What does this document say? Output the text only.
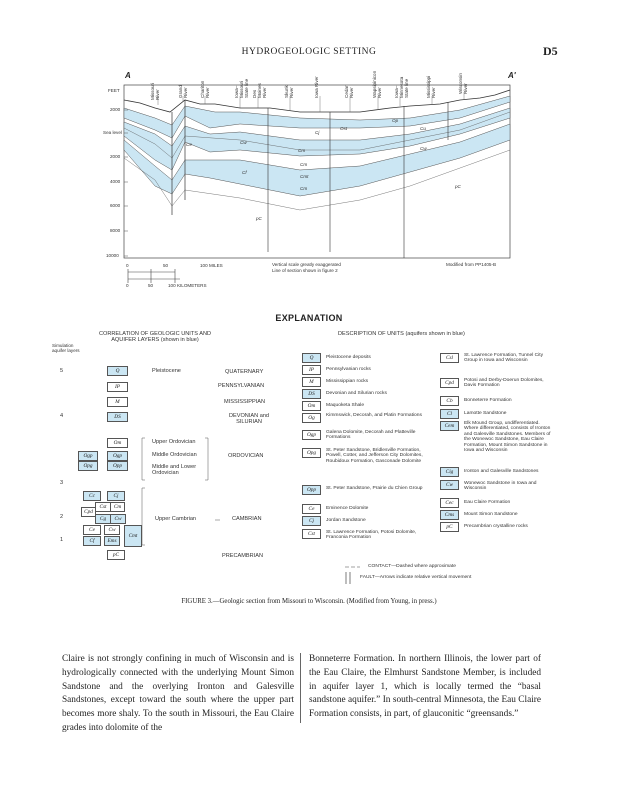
HYDROGEOLOGIC SETTING	D5
A	A'
FEET
2000
Sea level
2000
4000
6000
8000
10000
Missouri River	Grand River	Chariton River	Iowa–Missouri State line Des Moines River	Skunk River	Iowa River	Cedar River	Wapsipinicon River	Iowa–Minnesota State line	Mississippi River	Wisconsin River
Cj
Cw
Cm
Ost
Op
Cm
Ce
Cmt
Cu
Cf
Cw
Cm
pC
pC
0	50	100 MILES
0	50	100 KILOMETERS
Vertical scale greatly exaggerated
Line of section shown in figure 2
Modified from PP1405-B
EXPLANATION
CORRELATION OF GEOLOGIC UNITS AND AQUIFER LAYERS (shown in blue)
DESCRIPTION OF UNITS (aquifers shown in blue)
Simulation aquifer layers
5
4
3
2
1
Q
IP
M
DS
Om
Ogp	Ogp
Opg	Opp
Cc	Cj
Cst	Cm
Cpd
Cg	Cw
Ce	Cw
Cmt
Cf	Ems
pC
Pleistocene
Upper Ordovician
Middle Ordovician
Middle and Lower Ordovician
Upper Cambrian
QUATERNARY
PENNSYLVANIAN
MISSISSIPPIAN
DEVONIAN and SILURIAN
ORDOVICIAN
CAMBRIAN
PRECAMBRIAN
Q	Pleistocene deposits
IP	Pennsylvanian rocks
M	Mississippian rocks
DS	Devonian and Silurian rocks
Om	Maquoketa Shale
Og	Kimmswick, Decorah, and Platin Formations
Ogp	Galena Dolomite, Decorah and Platteville Formations
Opg	St. Peter Sandstone, Bridlesville Formation, Powell, Cotter, and Jefferson City Dolomites, Roubidoux Formation, Gasconade Dolomite
Opp	St. Peter Sandstone, Prairie du Chien Group
Ce	Eminence Dolomite
Cj	Jordan Sandstone
Cst	St. Lawrence Formation, Potosi Dolomite, Franconia Formation
Csl	St. Lawrence Formation, Tunnel City Group in Iowa and Wisconsin
Cpd	Potosi and Derby-Doerun Dolomites, Davis Formation
Cb	Bonneterre Formation
Cl	Lamotte Sandstone
Cem	Elk Mound Group, undifferentiated. Where differentiated, consists of Ironton and Galesville Sandstones. Members of the Wonewoc Sandstone, Eau Claire Formation, Mount Simon Sandstone in Iowa and Wisconsin
Cig	Ironton and Galesville Sandstones
Cw	Wonewoc Sandstone in Iowa and Wisconsin
Cec	Eau Claire Formation
Cms	Mount Simon Sandstone
pC	Precambrian crystalline rocks
CONTACT—Dashed where approximate
FAULT—Arrows indicate relative vertical movement
FIGURE 3.—Geologic section from Missouri to Wisconsin. (Modified from Young, in press.)
Claire is not strongly confining in much of Wisconsin and is hydrologically connected with the underlying Mount Simon Sandstone and the overlying Ironton and Galesville Sandstones, except toward the south where the upper part becomes more shaly. To the south in Missouri, the Eau Claire grades into dolomite of the
Bonneterre Formation. In northern Illinois, the lower part of the Eau Claire, the Elmhurst Sandstone Member, is included in aquifer layer 1, which is locally termed the “basal sandstone aquifer.” In south-central Minnesota, the Eau Claire Formation consists, in part, of glauconitic “greensands.”
